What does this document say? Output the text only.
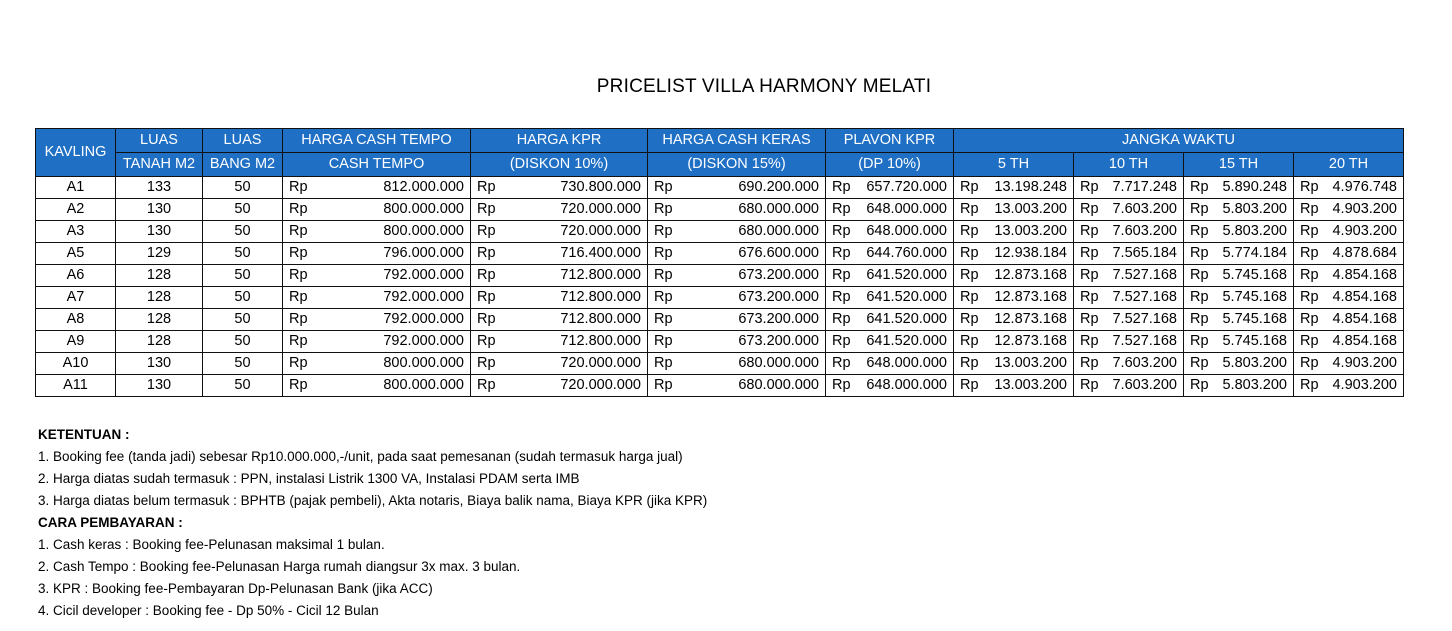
PRICELIST VILLA HARMONY MELATI
KAVLING	LUAS	LUAS	HARGA CASH TEMPO	HARGA KPR	HARGA CASH KERAS	PLAVON KPR	JANGKA WAKTU			
	TANAH M2	BANG M2	CASH TEMPO	(DISKON 10%)	(DISKON 15%)	(DP 10%)	5 TH	10 TH	15 TH	20 TH
A1	133	50	Rp 812.000.000	Rp 730.800.000	Rp 690.200.000	Rp 657.720.000	Rp 13.198.248	Rp 7.717.248	Rp 5.890.248	Rp 4.976.748

A2	130	50	Rp 800.000.000	Rp 720.000.000	Rp 680.000.000	Rp 648.000.000	Rp 13.003.200	Rp 7.603.200	Rp 5.803.200	Rp 4.903.200

A3	130	50	Rp 800.000.000	Rp 720.000.000	Rp 680.000.000	Rp 648.000.000	Rp 13.003.200	Rp 7.603.200	Rp 5.803.200	Rp 4.903.200

A5	129	50	Rp 796.000.000	Rp 716.400.000	Rp 676.600.000	Rp 644.760.000	Rp 12.938.184	Rp 7.565.184	Rp 5.774.184	Rp 4.878.684

A6	128	50	Rp 792.000.000	Rp 712.800.000	Rp 673.200.000	Rp 641.520.000	Rp 12.873.168	Rp 7.527.168	Rp 5.745.168	Rp 4.854.168

A7	128	50	Rp 792.000.000	Rp 712.800.000	Rp 673.200.000	Rp 641.520.000	Rp 12.873.168	Rp 7.527.168	Rp 5.745.168	Rp 4.854.168

A8	128	50	Rp 792.000.000	Rp 712.800.000	Rp 673.200.000	Rp 641.520.000	Rp 12.873.168	Rp 7.527.168	Rp 5.745.168	Rp 4.854.168

A9	128	50	Rp 792.000.000	Rp 712.800.000	Rp 673.200.000	Rp 641.520.000	Rp 12.873.168	Rp 7.527.168	Rp 5.745.168	Rp 4.854.168

A10	130	50	Rp 800.000.000	Rp 720.000.000	Rp 680.000.000	Rp 648.000.000	Rp 13.003.200	Rp 7.603.200	Rp 5.803.200	Rp 4.903.200

A11	130	50	Rp 800.000.000	Rp 720.000.000	Rp 680.000.000	Rp 648.000.000	Rp 13.003.200	Rp 7.603.200	Rp 5.803.200	Rp 4.903.200
KETENTUAN :
1. Booking fee (tanda jadi) sebesar Rp10.000.000,-/unit, pada saat pemesanan (sudah termasuk harga jual)
2. Harga diatas sudah termasuk : PPN, instalasi Listrik 1300 VA, Instalasi PDAM serta IMB
3. Harga diatas belum termasuk : BPHTB (pajak pembeli), Akta notaris, Biaya balik nama, Biaya KPR (jika KPR)
CARA PEMBAYARAN :
1. Cash keras : Booking fee-Pelunasan maksimal 1 bulan.
2. Cash Tempo : Booking fee-Pelunasan Harga rumah diangsur 3x max. 3 bulan.
3. KPR : Booking fee-Pembayaran Dp-Pelunasan Bank (jika ACC)
4. Cicil developer : Booking fee - Dp 50% - Cicil 12 Bulan
